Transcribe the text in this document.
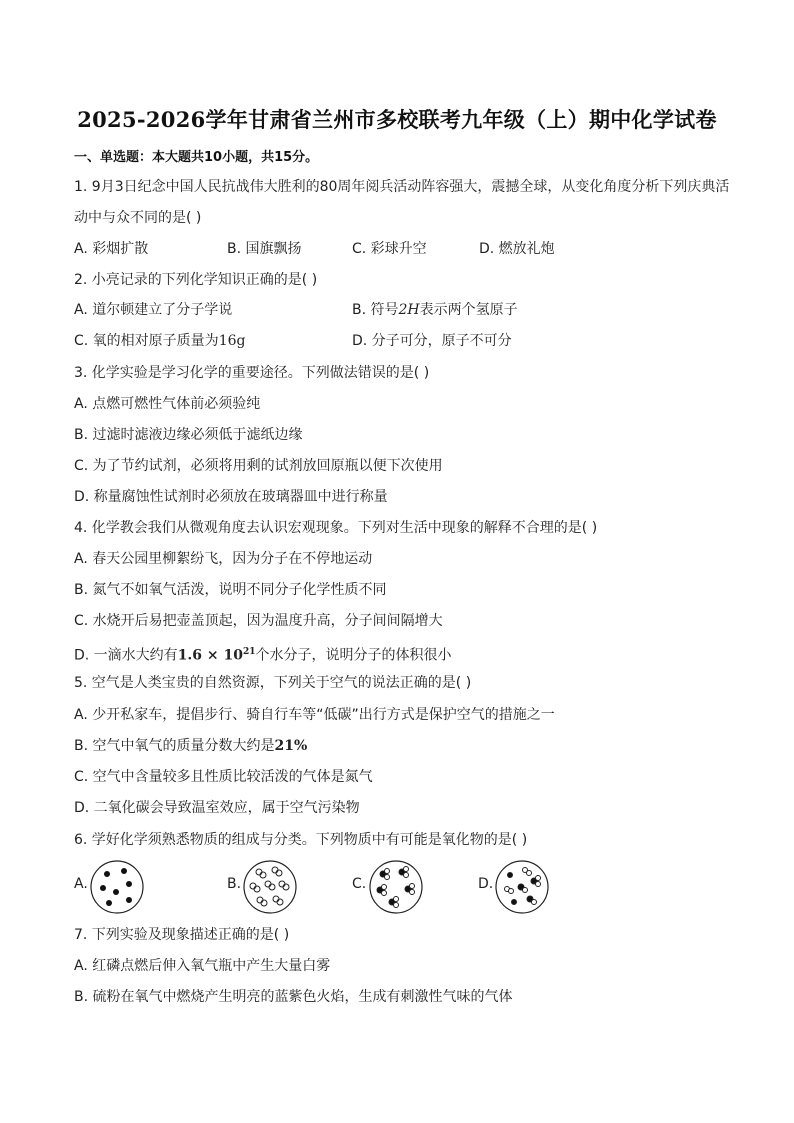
2025-2026学年甘肃省兰州市多校联考九年级（上）期中化学试卷
一、单选题：本大题共10小题，共15分。
1. 9月3日纪念中国人民抗战伟大胜利的80周年阅兵活动阵容强大，震撼全球，从变化角度分析下列庆典活
动中与众不同的是( )
A. 彩烟扩散	B. 国旗飘扬	C. 彩球升空	D. 燃放礼炮
2. 小亮记录的下列化学知识正确的是( )
A. 道尔顿建立了分子学说	B. 符号2H表示两个氢原子
C. 氧的相对原子质量为16g	D. 分子可分，原子不可分
3. 化学实验是学习化学的重要途径。下列做法错误的是( )
A. 点燃可燃性气体前必须验纯
B. 过滤时滤液边缘必须低于滤纸边缘
C. 为了节约试剂，必须将用剩的试剂放回原瓶以便下次使用
D. 称量腐蚀性试剂时必须放在玻璃器皿中进行称量
4. 化学教会我们从微观角度去认识宏观现象。下列对生活中现象的解释不合理的是( )
A. 春天公园里柳絮纷飞，因为分子在不停地运动
B. 氮气不如氧气活泼，说明不同分子化学性质不同
C. 水烧开后易把壶盖顶起，因为温度升高，分子间间隔增大
D. 一滴水大约有$1.6 \times 10^{21}$个水分子，说明分子的体积很小
5. 空气是人类宝贵的自然资源，下列关于空气的说法正确的是( )
A. 少开私家车，提倡步行、骑自行车等“低碳”出行方式是保护空气的措施之一
B. 空气中氧气的质量分数大约是21%
C. 空气中含量较多且性质比较活泼的气体是氮气
D. 二氧化碳会导致温室效应，属于空气污染物
6. 学好化学须熟悉物质的组成与分类。下列物质中有可能是氧化物的是( )
A.	B.	C.	D.
7. 下列实验及现象描述正确的是( )
A. 红磷点燃后伸入氧气瓶中产生大量白雾
B. 硫粉在氧气中燃烧产生明亮的蓝紫色火焰，生成有刺激性气味的气体
